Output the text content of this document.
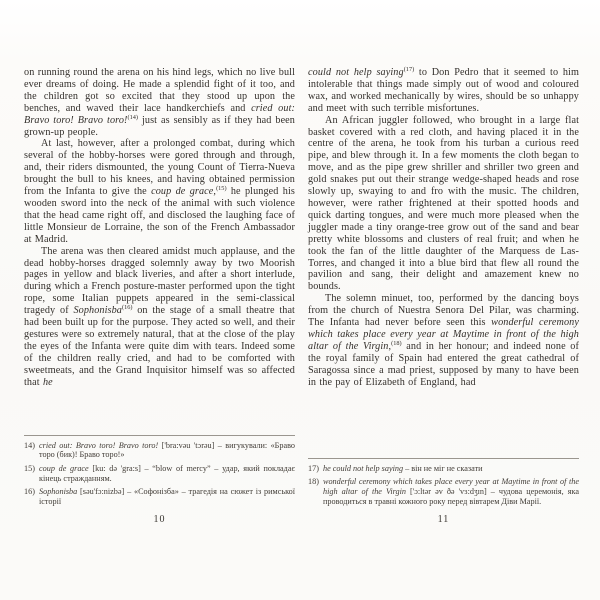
on running round the arena on his hind legs, which no live bull ever dreams of doing. He made a splendid fight of it too, and the children got so excited that they stood up upon the benches, and waved their lace handkerchiefs and cried out: Bravo toro! Bravo toro!$^{(14)}$ just as sensibly as if they had been grown-up people.

At last, however, after a prolonged combat, during which several of the hobby-horses were gored through and through, and, their riders dismounted, the young Count of Tierra-Nueva brought the bull to his knees, and having obtained permission from the Infanta to give the coup de grace,$^{(15)}$ he plunged his wooden sword into the neck of the animal with such violence that the head came right off, and disclosed the laughing face of little Monsieur de Lorraine, the son of the French Ambassador at Madrid.

The arena was then cleared amidst much applause, and the dead hobby-horses dragged solemnly away by two Moorish pages in yellow and black liveries, and after a short interlude, during which a French posture-master performed upon the tight rope, some Italian puppets appeared in the semi-classical tragedy of Sophonisba$^{(16)}$ on the stage of a small theatre that had been built up for the purpose. They acted so well, and their gestures were so extremely natural, that at the close of the play the eyes of the Infanta were quite dim with tears. Indeed some of the children really cried, and had to be comforted with sweetmeats, and the Grand Inquisitor himself was so affected that he

14) cried out: Bravo toro! Bravo toro! ['bra:vəu 'tɔrəu] – вигукували: «Браво торо (бик)! Браво торо!»
15) coup de grace [ku: də 'gra:s] – “blow of mercy” – удар, який покладає кінець стражданням.
16) Sophonisba [səu'fɔ:nizbə] – «Софонізба» – трагедія на сюжет із римської історії
10

could not help saying$^{(17)}$ to Don Pedro that it seemed to him intolerable that things made simply out of wood and coloured wax, and worked mechanically by wires, should be so unhappy and meet with such terrible misfortunes.

An African juggler followed, who brought in a large flat basket covered with a red cloth, and having placed it in the centre of the arena, he took from his turban a curious reed pipe, and blew through it. In a few moments the cloth began to move, and as the pipe grew shriller and shriller two green and gold snakes put out their strange wedge-shaped heads and rose slowly up, swaying to and fro with the music. The children, however, were rather frightened at their spotted hoods and quick darting tongues, and were much more pleased when the juggler made a tiny orange-tree grow out of the sand and bear pretty white blossoms and clusters of real fruit; and when he took the fan of the little daughter of the Marquess de Las-Torres, and changed it into a blue bird that flew all round the pavilion and sang, their delight and amazement knew no bounds.

The solemn minuet, too, performed by the dancing boys from the church of Nuestra Senora Del Pilar, was charming. The Infanta had never before seen this wonderful ceremony which takes place every year at Maytime in front of the high altar of the Virgin,$^{(18)}$ and in her honour; and indeed none of the royal family of Spain had entered the great cathedral of Saragossa since a mad priest, supposed by many to have been in the pay of Elizabeth of England, had

17) he could not help saying – він не міг не сказати
18) wonderful ceremony which takes place every year at Maytime in front of the high altar of the Virgin ['ɔ:ltər əv ðə 'vɜ:dʒɪn] – чудова церемонія, яка проводиться в травні кожного року перед вівтарем Діви Марії.
11
